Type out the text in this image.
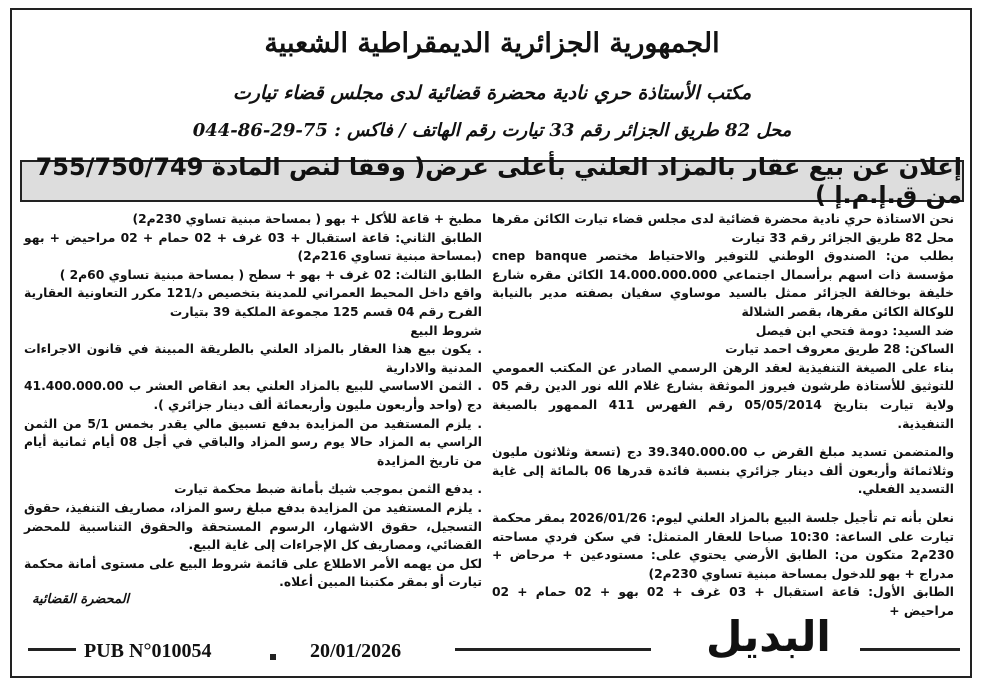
الجمهورية الجزائرية الديمقراطية الشعبية
مكتب الأستاذة حري نادية محضرة قضائية لدى مجلس قضاء تيارت
محل 82 طريق الجزائر رقم 33 تيارت رقم الهاتف / فاكس : 75-29-86-044
إعلان عن بيع عقار بالمزاد العلني بأعلى عرض( وفقا لنص المادة 755/750/749 من ق.إ.م.إ )

نحن الاستاذة حري نادية محضرة قضائية لدى مجلس قضاء تيارت الكائن مقرها محل 82 طريق الجزائر رقم 33 تيارت

بطلب من: الصندوق الوطني للتوفير والاحتياط مختصر cnep banque مؤسسة ذات اسهم برأسمال اجتماعي 14.000.000.000 الكائن مقره شارع خليفة بوخالفة الجزائر ممثل بالسيد موساوي سفيان بصفته مدير بالنيابة للوكالة الكائن مقرها، بقصر الشلالة

ضد السيد: دومة فتحي ابن فيصل

الساكن: 28 طريق معروف احمد تيارت

بناء على الصيغة التنفيذية لعقد الرهن الرسمي الصادر عن المكتب العمومي للتوثيق للأستاذة طرشون فيروز الموثقة بشارع غلام الله نور الدين رقم 05 ولاية تيارت بتاريخ 05/05/2014 رقم الفهرس 411 الممهور بالصيغة التنفيذية.

والمتضمن تسديد مبلغ القرض ب 39.340.000.00 دج (تسعة وثلاثون مليون وثلاثمائة وأربعون ألف دينار جزائري بنسبة فائدة قدرها 06 بالمائة إلى غاية التسديد الفعلي.

نعلن بأنه تم تأجيل جلسة البيع بالمزاد العلني ليوم: 2026/01/26 بمقر محكمة تيارت على الساعة: 10:30 صباحا للعقار المتمثل: في سكن فردي مساحته 230م2 متكون من: الطابق الأرضي يحتوي على: مستودعين + مرحاض + مدراج + بهو للدخول بمساحة مبنية تساوي 230م2)

الطابق الأول: قاعة استقبال + 03 غرف + 02 بهو + 02 حمام + 02 مراحيض +

مطبخ + قاعة للأكل + بهو ( بمساحة مبنية تساوي 230م2)

الطابق الثاني: قاعة استقبال + 03 غرف + 02 حمام + 02 مراحيض + بهو (بمساحة مبنية تساوي 216م2)

الطابق الثالث: 02 غرف + بهو + سطح ( بمساحة مبنية تساوي 60م2 )

واقع داخل المحيط العمراني للمدينة بتخصيص د/121 مكرر التعاونية العقارية الفرح رقم 04 قسم 125 مجموعة الملكية 39 بتيارت

شروط البيع

. يكون بيع هذا العقار بالمزاد العلني بالطريقة المبينة في قانون الاجراءات المدنية والادارية

. الثمن الاساسي للبيع بالمزاد العلني بعد انقاص العشر ب 41.400.000.00 دج (واحد وأربعون مليون وأربعمائة ألف دينار جزائري ).

. يلزم المستفيد من المزايدة بدفع تسبيق مالي يقدر بخمس 5/1 من الثمن الراسي به المزاد حالا يوم رسو المزاد والباقي في أجل 08 أيام ثمانية أيام من تاريخ المزايدة

. يدفع الثمن بموجب شيك بأمانة ضبط محكمة تيارت

. يلزم المستفيد من المزايدة بدفع مبلغ رسو المزاد، مصاريف التنفيذ، حقوق التسجيل، حقوق الاشهار، الرسوم المستحقة والحقوق التناسبية للمحضر القضائي، ومصاريف كل الإجراءات إلى غاية البيع.

لكل من يهمه الأمر الاطلاع على قائمة شروط البيع على مستوى أمانة محكمة تيارت أو بمقر مكتبنا المبين أعلاه.

المحضرة القضائية
PUB N°010054	20/01/2026	البديل
